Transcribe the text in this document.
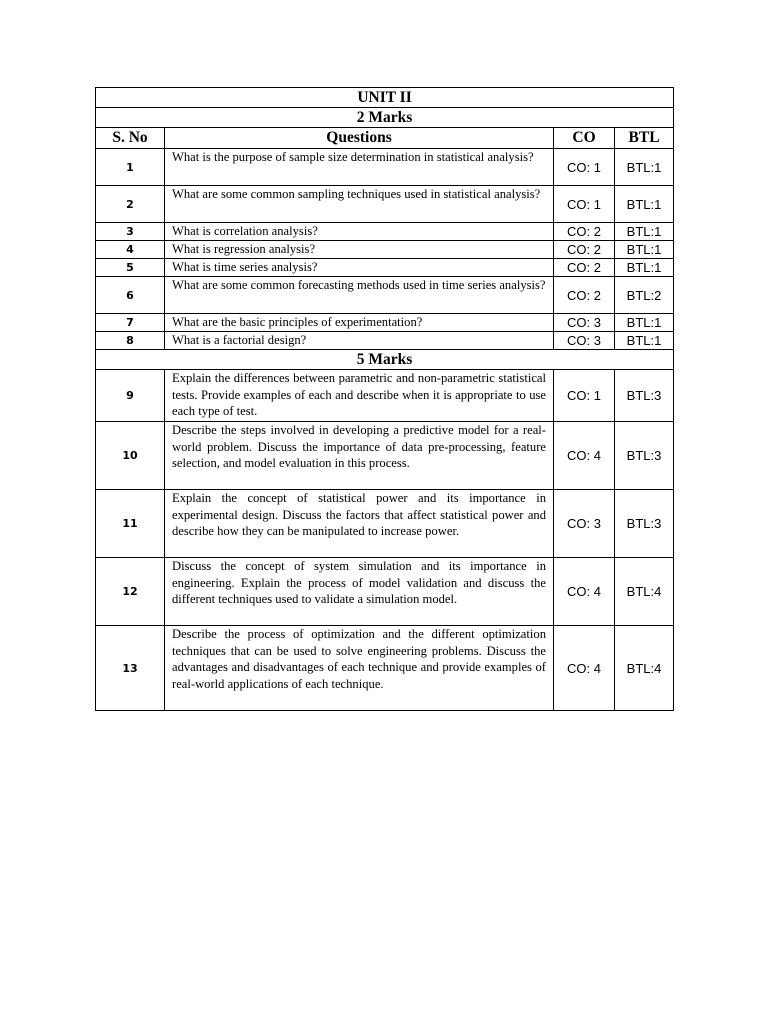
UNIT II			
2 Marks			
S. No	Questions	CO	BTL
1	What is the purpose of sample size determination in statistical analysis?	CO: 1	BTL:1
2	What are some common sampling techniques used in statistical analysis?	CO: 1	BTL:1
3	What is correlation analysis?	CO: 2	BTL:1
4	What is regression analysis?	CO: 2	BTL:1
5	What is time series analysis?	CO: 2	BTL:1
6	What are some common forecasting methods used in time series analysis?	CO: 2	BTL:2
7	What are the basic principles of experimentation?	CO: 3	BTL:1
8	What is a factorial design?	CO: 3	BTL:1
5 Marks			
9	Explain the differences between parametric and non-parametric statistical tests. Provide examples of each and describe when it is appropriate to use each type of test.	CO: 1	BTL:3
10	Describe the steps involved in developing a predictive model for a real-world problem. Discuss the importance of data pre-processing, feature selection, and model evaluation in this process.	CO: 4	BTL:3
11	Explain the concept of statistical power and its importance in experimental design. Discuss the factors that affect statistical power and describe how they can be manipulated to increase power.	CO: 3	BTL:3
12	Discuss the concept of system simulation and its importance in engineering. Explain the process of model validation and discuss the different techniques used to validate a simulation model.	CO: 4	BTL:4
13	Describe the process of optimization and the different optimization techniques that can be used to solve engineering problems. Discuss the advantages and disadvantages of each technique and provide examples of real-world applications of each technique.	CO: 4	BTL:4
